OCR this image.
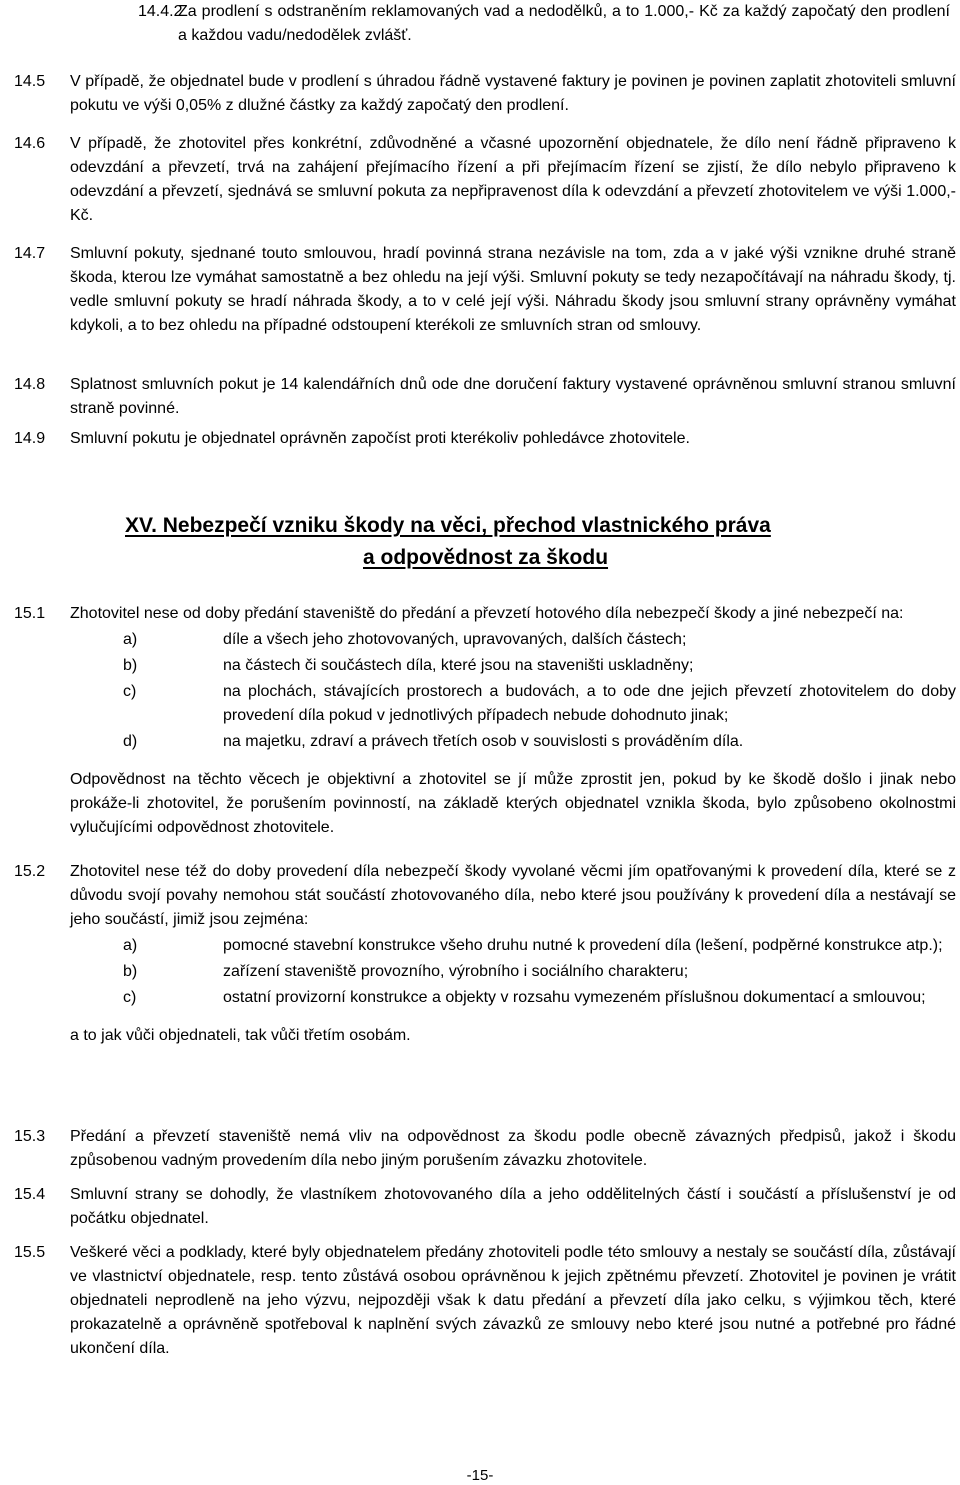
14.4.2
Za prodlení s odstraněním reklamovaných vad a nedodělků, a to 1.000,- Kč za každý započatý den prodlení a každou vadu/nedodělek zvlášť.
14.5 V případě, že objednatel bude v prodlení s úhradou řádně vystavené faktury je povinen je povinen zaplatit zhotoviteli smluvní pokutu ve výši 0,05% z dlužné částky za každý započatý den prodlení.
14.6 V případě, že zhotovitel přes konkrétní, zdůvodněné a včasné upozornění objednatele, že dílo není řádně připraveno k odevzdání a převzetí, trvá na zahájení přejímacího řízení a při přejímacím řízení se zjistí, že dílo nebylo připraveno k odevzdání a převzetí, sjednává se smluvní pokuta za nepřipravenost díla k odevzdání a převzetí zhotovitelem ve výši 1.000,-Kč.
14.7 Smluvní pokuty, sjednané touto smlouvou, hradí povinná strana nezávisle na tom, zda a v jaké výši vznikne druhé straně škoda, kterou lze vymáhat samostatně a bez ohledu na její výši. Smluvní pokuty se tedy nezapočítávají na náhradu škody, tj. vedle smluvní pokuty se hradí náhrada škody, a to v celé její výši. Náhradu škody jsou smluvní strany oprávněny vymáhat kdykoli, a to bez ohledu na případné odstoupení kterékoli ze smluvních stran od smlouvy.
14.8 Splatnost smluvních pokut je 14 kalendářních dnů ode dne doručení faktury vystavené oprávněnou smluvní stranou smluvní straně povinné.
14.9 Smluvní pokutu je objednatel oprávněn započíst proti kterékoliv pohledávce zhotovitele.
XV. Nebezpečí vzniku škody na věci, přechod vlastnického práva
a odpovědnost za škodu
15.1 Zhotovitel nese od doby předání staveniště do předání a převzetí hotového díla nebezpečí škody a jiné nebezpečí na:

a)	díle a všech jeho zhotovovaných, upravovaných, dalších částech;
b)	na částech či součástech díla, které jsou na staveništi uskladněny;
c)	na plochách, stávajících prostorech a budovách, a to ode dne jejich převzetí zhotovitelem do doby provedení díla pokud v jednotlivých případech nebude dohodnuto jinak;
d)	na majetku, zdraví a právech třetích osob v souvislosti s prováděním díla.

Odpovědnost na těchto věcech je objektivní a zhotovitel se jí může zprostit jen, pokud by ke škodě došlo i jinak nebo prokáže-li zhotovitel, že porušením povinností, na základě kterých objednatel vznikla škoda, bylo způsobeno okolnostmi vylučujícími odpovědnost zhotovitele.

15.2 Zhotovitel nese též do doby provedení díla nebezpečí škody vyvolané věcmi jím opatřovanými k provedení díla, které se z důvodu svojí povahy nemohou stát součástí zhotovovaného díla, nebo které jsou používány k provedení díla a nestávají se jeho součástí, jimiž jsou zejména:

a)	pomocné stavební konstrukce všeho druhu nutné k provedení díla (lešení, podpěrné konstrukce atp.);
b)	zařízení staveniště provozního, výrobního i sociálního charakteru;
c)	ostatní provizorní konstrukce a objekty v rozsahu vymezeném příslušnou dokumentací a smlouvou;

a to jak vůči objednateli, tak vůči třetím osobám.

15.3 Předání a převzetí staveniště nemá vliv na odpovědnost za škodu podle obecně závazných předpisů, jakož i škodu způsobenou vadným provedením díla nebo jiným porušením závazku zhotovitele.
15.4 Smluvní strany se dohodly, že vlastníkem zhotovovaného díla a jeho oddělitelných částí i součástí a příslušenství je od počátku objednatel.
15.5 Veškeré věci a podklady, které byly objednatelem předány zhotoviteli podle této smlouvy a nestaly se součástí díla, zůstávají ve vlastnictví objednatele, resp. tento zůstává osobou oprávněnou k jejich zpětnému převzetí. Zhotovitel je povinen je vrátit objednateli neprodleně na jeho výzvu, nejpozději však k datu předání a převzetí díla jako celku, s výjimkou těch, které prokazatelně a oprávněně spotřeboval k naplnění svých závazků ze smlouvy nebo které jsou nutné a potřebné pro řádné ukončení díla.
-15-
